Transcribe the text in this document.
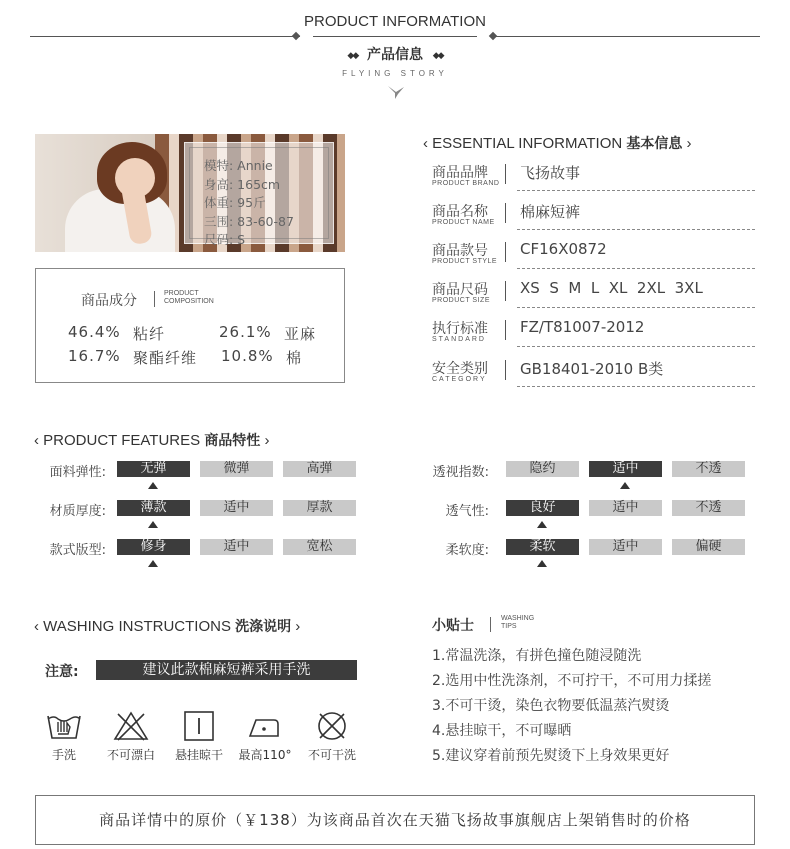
PRODUCT INFORMATION
◆◆ 产品信息 ◆◆
FLYING STORY
模特: Annie
身高: 165cm
体重: 95斤
三围: 83-60-87
尺码: S
商品成分	PRODUCT
COMPOSITION
46.4% 粘纤	26.1% 亚麻
16.7% 聚酯纤维 10.8% 棉
‹ ESSENTIAL INFORMATION 基本信息 ›
商品品牌
PRODUCT BRAND
飞扬故事
商品名称
PRODUCT NAME
棉麻短裤
商品款号
PRODUCT STYLE
CF16X0872
商品尺码
PRODUCT SIZE
XS  S  M  L  XL  2XL  3XL
执行标准
STANDARD
FZ/T81007-2012
安全类别
CATEGORY
GB18401-2010 B类
‹ PRODUCT FEATURES 商品特性 ›
面料弹性:	无弹	微弹	高弹
材质厚度:	薄款	适中	厚款
款式版型:	修身	适中	宽松
透视指数:	隐约	适中	不透
透气性:	良好	适中	不透
柔软度:	柔软	适中	偏硬
‹ WASHING INSTRUCTIONS 洗涤说明 ›
注意:	建议此款棉麻短裤采用手洗
手洗	不可漂白	悬挂晾干	最高110°	不可干洗
小贴士	WASHING
TIPS
1.常温洗涤，有拼色撞色随浸随洗
2.选用中性洗涤剂，不可拧干，不可用力揉搓
3.不可干烫，染色衣物要低温蒸汽熨烫
4.悬挂晾干，不可曝晒
5.建议穿着前预先熨烫下上身效果更好
商品详情中的原价（￥138）为该商品首次在天猫飞扬故事旗舰店上架销售时的价格
